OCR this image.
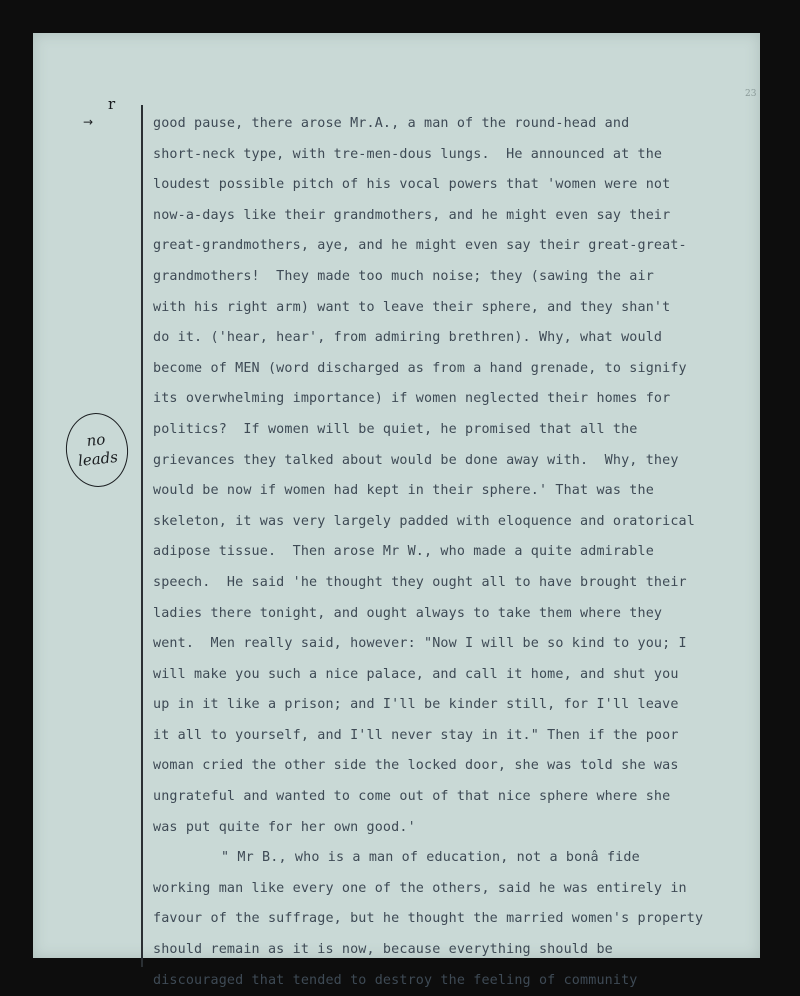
23
r
→
no
leads
good pause, there arose Mr.A., a man of the round-head and
short-neck type, with tre-men-dous lungs.  He announced at the
loudest possible pitch of his vocal powers that 'women were not
now-a-days like their grandmothers, and he might even say their
great-grandmothers, aye, and he might even say their great-great-
grandmothers!  They made too much noise; they (sawing the air
with his right arm) want to leave their sphere, and they shan't
do it. ('hear, hear', from admiring brethren). Why, what would
become of MEN (word discharged as from a hand grenade, to signify
its overwhelming importance) if women neglected their homes for
politics?  If women will be quiet, he promised that all the
grievances they talked about would be done away with.  Why, they
would be now if women had kept in their sphere.' That was the
skeleton, it was very largely padded with eloquence and oratorical
adipose tissue.  Then arose Mr W., who made a quite admirable
speech.  He said 'he thought they ought all to have brought their
ladies there tonight, and ought always to take them where they
went.  Men really said, however: "Now I will be so kind to you; I
will make you such a nice palace, and call it home, and shut you
up in it like a prison; and I'll be kinder still, for I'll leave
it all to yourself, and I'll never stay in it." Then if the poor
woman cried the other side the locked door, she was told she was
ungrateful and wanted to come out of that nice sphere where she
was put quite for her own good.'
" Mr B., who is a man of education, not a bonâ fide
working man like every one of the others, said he was entirely in
favour of the suffrage, but he thought the married women's property
should remain as it is now, because everything should be
discouraged that tended to destroy the feeling of community
